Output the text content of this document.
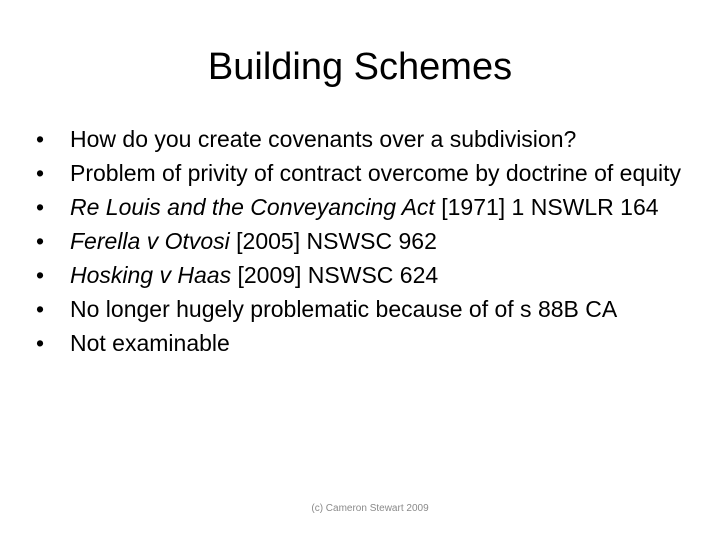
Building Schemes
•	How do you create covenants over a subdivision?
•	Problem of privity of contract overcome by doctrine of equity
•	Re Louis and the Conveyancing Act [1971] 1 NSWLR 164
•	Ferella v Otvosi [2005] NSWSC 962
•	Hosking v Haas [2009] NSWSC 624
•	No longer hugely problematic because of of s 88B CA
•	Not examinable
(c) Cameron Stewart 2009
